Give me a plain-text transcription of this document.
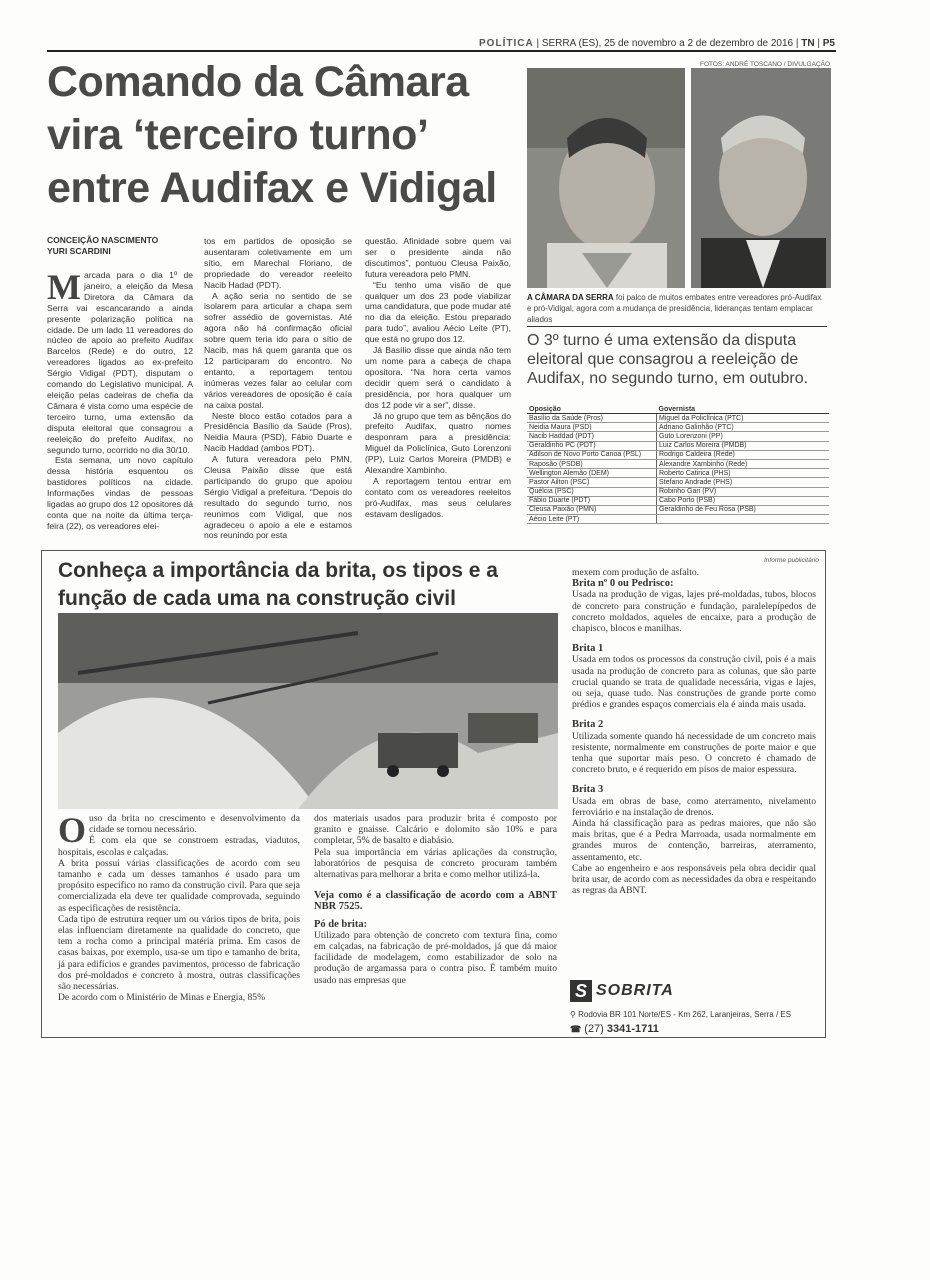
POLÍTICA | SERRA (ES), 25 de novembro a 2 de dezembro de 2016 | TN | P5
Comando da Câmara vira ‘terceiro turno’ entre Audifax e Vidigal
CONCEIÇÃO NASCIMENTO
YURI SCARDINI

Marcada para o dia 1º de janeiro, a eleição da Mesa Diretora da Câmara da Serra vai escancarando a ainda presente polarização política na cidade. De um lado 11 vereadores do núcleo de apoio ao prefeito Audifax Barcelos (Rede) e do outro, 12 vereadores ligados ao ex-prefeito Sérgio Vidigal (PDT), disputam o comando do Legislativo municipal. A eleição pelas cadeiras de chefia da Câmara é vista como uma espécie de terceiro turno, uma extensão da disputa eleitoral que consagrou a reeleição do prefeito Audifax, no segundo turno, ocorrido no dia 30/10.

Esta semana, um novo capítulo dessa história esquentou os bastidores políticos na cidade. Informações vindas de pessoas ligadas ao grupo dos 12 opositores dá conta que na noite da última terça-feira (22), os vereadores elei-

tos em partidos de oposição se ausentaram coletivamente em um sítio, em Marechal Floriano, de propriedade do vereador reeleito Nacib Hadad (PDT).

A ação seria no sentido de se isolarem para articular a chapa sem sofrer assédio de governistas. Até agora não há confirmação oficial sobre quem teria ido para o sítio de Nacib, mas há quem garanta que os 12 participaram do encontro. No entanto, a reportagem tentou inúmeras vezes falar ao celular com vários vereadores de oposição é caía na caixa postal.

Neste bloco estão cotados para a Presidência Basílio da Saúde (Pros), Neidia Maura (PSD), Fábio Duarte e Nacib Haddad (ambos PDT).

A futura vereadora pelo PMN, Cleusa Paixão disse que está participando do grupo que apoiou Sérgio Vidigal a prefeitura. “Depois do resultado do segundo turno, nos reunimos com Vidigal, que nos agradeceu o apoio a ele e estamos nos reunindo por esta

questão. Afinidade sobre quem vai ser o presidente ainda não discutimos”, pontuou Cleusa Paixão, futura vereadora pelo PMN.

“Eu tenho uma visão de que qualquer um dos 23 pode viabilizar uma candidatura, que pode mudar até no dia da eleição. Estou preparado para tudo”, avaliou Aécio Leite (PT), que está no grupo dos 12.

Já Basílio disse que ainda não tem um nome para a cabeça de chapa opositora. “Na hora certa vamos decidir quem será o candidato à presidência, por hora qualquer um dos 12 pode vir a ser”, disse.

Já no grupo que tem as bênçãos do prefeito Audifax, quatro nomes desponram para a presidência: Miguel da Policlínica, Guto Lorenzoni (PP), Luiz Carlos Moreira (PMDB) e Alexandre Xambinho.

A reportagem tentou entrar em contato com os vereadores reeleitos pró-Audifax, mas seus celulares estavam desligados.

FOTOS: ANDRÉ TOSCANO / DIVULGAÇÃO
A CÂMARA DA SERRA foi palco de muitos embates entre vereadores pró-Audifax e pró-Vidigal, agora com a mudança de presidência, lideranças tentam emplacar aliados
O 3º turno é uma extensão da disputa eleitoral que consagrou a reeleição de Audifax, no segundo turno, em outubro.
Oposição	Governista
Basílio da Saúde (Pros)	Miguel da Policlínica (PTC)
Neidia Maura (PSD)	Adriano Galinhão (PTC)
Nacib Haddad (PDT)	Guto Lorenzoni (PP)
Geraldinho PC (PDT)	Luiz Carlos Moreira (PMDB)
Adilson de Novo Porto Canoa (PSL)	Rodrigo Caldeira (Rede)
Raposão (PSDB)	Alexandre Xambinho (Rede)
Wellington Alemão (DEM)	Roberto Catirica (PHS)
Pastor Ailton (PSC)	Stefano Andrade (PHS)
Quélcia (PSC)	Robinho Gari (PV)
Fábio Duarte (PDT)	Cabo Porto (PSB)
Cleusa Paixão (PMN)	Geraldinho de Feu Rosa (PSB)
Aécio Leite (PT)	
Informe publicitário
Conheça a importância da brita, os tipos e a função de cada uma na construção civil

O uso da brita no crescimento e desenvolvimento da cidade se tornou necessário.

É com ela que se constroem estradas, viadutos, hospitais, escolas e calçadas.

A brita possui várias classificações de acordo com seu tamanho e cada um desses tamanhos é usado para um propósito específico no ramo da construção civil. Para que seja comercializada ela deve ter qualidade comprovada, seguindo as especificações de resistência.

Cada tipo de estrutura requer um ou vários tipos de brita, pois elas influenciam diretamente na qualidade do concreto, que tem a rocha como a principal matéria prima. Em casos de casas baixas, por exemplo, usa-se um tipo e tamanho de brita, já para edifícios e grandes pavimentos, processo de fabricação dos pré-moldados e concreto à mostra, outras classificações são necessárias.

De acordo com o Ministério de Minas e Energia, 85%

dos materiais usados para produzir brita é composto por granito e gnaisse. Calcário e dolomito são 10% e para completar, 5% de basalto e diabásio.

Pela sua importância em várias aplicações da construção, laboratórios de pesquisa de concreto procuram também alternativas para melhorar a brita e como melhor utilizá-la.

Veja como é a classificação de acordo com a ABNT NBR 7525.
Pó de brita:

Utilizado para obtenção de concreto com textura fina, como em calçadas, na fabricação de pré-moldados, já que dá maior facilidade de modelagem, como estabilizador de solo na produção de argamassa para o contra piso. É também muito usado nas empresas que

mexem com produção de asfalto.

Brita nº 0 ou Pedrisco:

Usada na produção de vigas, lajes pré-moldadas, tubos, blocos de concreto para construção e fundação, paralelepípedos de concreto moldados, aqueles de encaixe, para a produção de chapisco, blocos e manilhas.

Brita 1

Usada em todos os processos da construção civil, pois é a mais usada na produção de concreto para as colunas, que são parte crucial quando se trata de qualidade necessária, vigas e lajes, ou seja, quase tudo. Nas construções de grande porte como prédios e grandes espaços comerciais ela é ainda mais usada.

Brita 2

Utilizada somente quando há necessidade de um concreto mais resistente, normalmente em construções de porte maior e que tenha que suportar mais peso. O concreto é chamado de concreto bruto, e é requerido em pisos de maior espessura.

Brita 3

Usada em obras de base, como aterramento, nivelamento ferroviário e na instalação de drenos.

Ainda há classificação para as pedras maiores, que não são mais britas, que é a Pedra Marroada, usada normalmente em grandes muros de contenção, barreiras, aterramento, assentamento, etc.

Cabe ao engenheiro e aos responsáveis pela obra decidir qual brita usar, de acordo com as necessidades da obra e respeitando as regras da ABNT.

S SOBRITA
⚲ Rodovia BR 101 Norte/ES - Km 262, Laranjeiras, Serra / ES
☎ (27) 3341-1711
